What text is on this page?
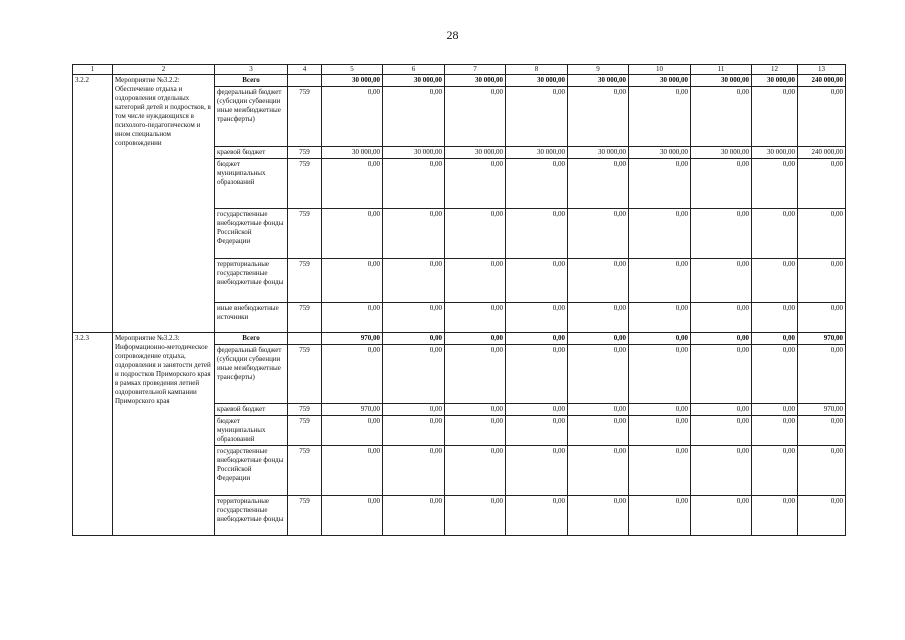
28
1	2	3	4	5	6	7	8	9	10	11	12	13
3.2.2	Мероприятие №3.2.2: Обеспечение отдыха и оздоровления отдельных категорий детей и подростков, в том числе нуждающихся в психолого-педагогическом и ином специальном сопровождении	Всего		30 000,00	30 000,00	30 000,00	30 000,00	30 000,00	30 000,00	30 000,00	30 000,00	240 000,00
		федеральный бюджет (субсидии субвенции иные межбюджетные трансферты)	759	0,00	0,00	0,00	0,00	0,00	0,00	0,00	0,00	0,00
		краевой бюджет	759	30 000,00	30 000,00	30 000,00	30 000,00	30 000,00	30 000,00	30 000,00	30 000,00	240 000,00
		бюджет муниципальных образований	759	0,00	0,00	0,00	0,00	0,00	0,00	0,00	0,00	0,00
		государственные внебюджетные фонды Российской Федерации	759	0,00	0,00	0,00	0,00	0,00	0,00	0,00	0,00	0,00
		территориальные государственные внебюджетные фонды	759	0,00	0,00	0,00	0,00	0,00	0,00	0,00	0,00	0,00
		иные внебюджетные источники	759	0,00	0,00	0,00	0,00	0,00	0,00	0,00	0,00	0,00
3.2.3	Мероприятие №3.2.3: Информационно-методическое сопровождение отдыха, оздоровления и занятости детей и подростков Приморского края в рамках проведения летней оздоровительной кампании Приморского края	Всего		970,00	0,00	0,00	0,00	0,00	0,00	0,00	0,00	970,00
		федеральный бюджет (субсидии субвенции иные межбюджетные трансферты)	759	0,00	0,00	0,00	0,00	0,00	0,00	0,00	0,00	0,00
		краевой бюджет	759	970,00	0,00	0,00	0,00	0,00	0,00	0,00	0,00	970,00
		бюджет муниципальных образований	759	0,00	0,00	0,00	0,00	0,00	0,00	0,00	0,00	0,00
		государственные внебюджетные фонды Российской Федерации	759	0,00	0,00	0,00	0,00	0,00	0,00	0,00	0,00	0,00
		территориальные государственные внебюджетные фонды	759	0,00	0,00	0,00	0,00	0,00	0,00	0,00	0,00	0,00
